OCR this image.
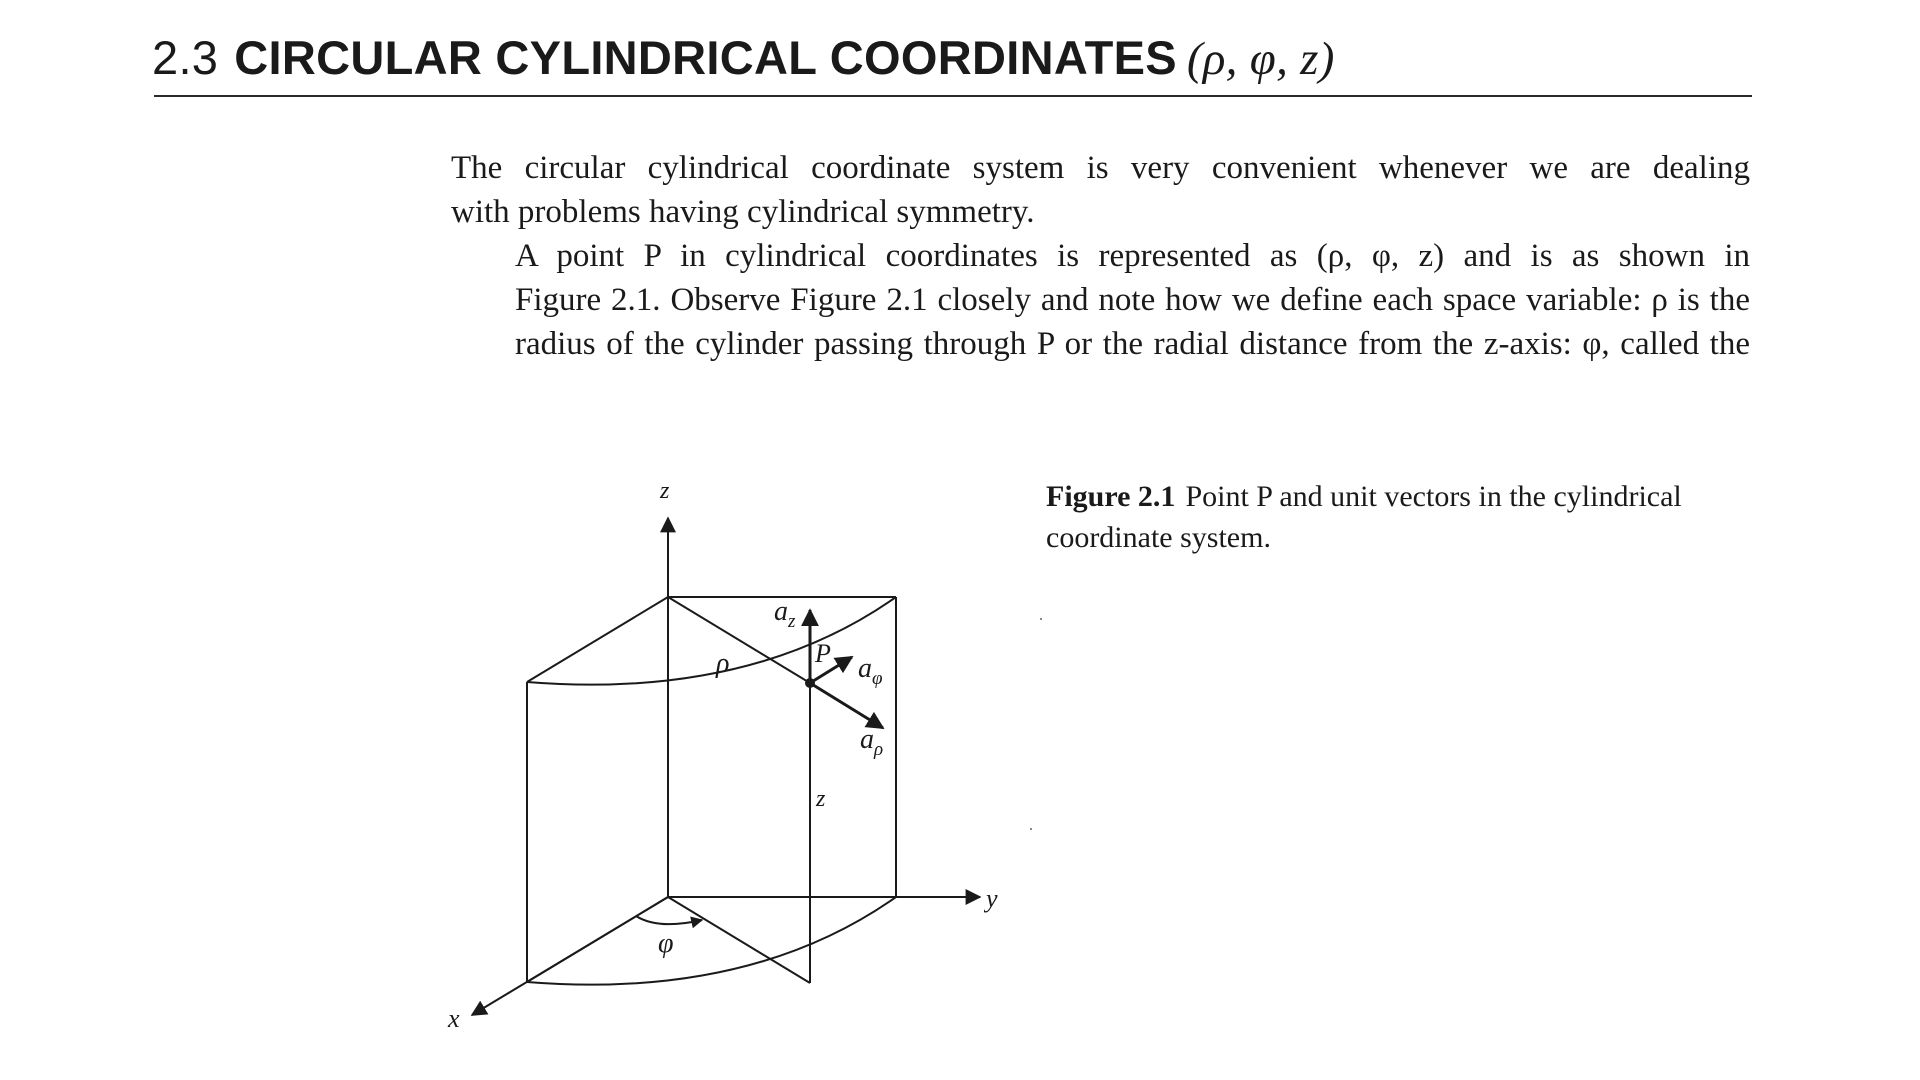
2.3 CIRCULAR CYLINDRICAL COORDINATES (ρ, φ, z)

The circular cylindrical coordinate system is very convenient whenever we are dealing
with problems having cylindrical symmetry.

A point P in cylindrical coordinates is represented as (ρ, φ, z) and is as shown in
Figure 2.1. Observe Figure 2.1 closely and note how we define each space variable: ρ is the
radius of the cylinder passing through P or the radial distance from the z-axis: φ, called the

z
y
x
P
$a_z$
$a_\varphi$
$a_\rho$
ρ
φ
z
Figure 2.1 Point P and unit vectors in the cylindrical coordinate system.
